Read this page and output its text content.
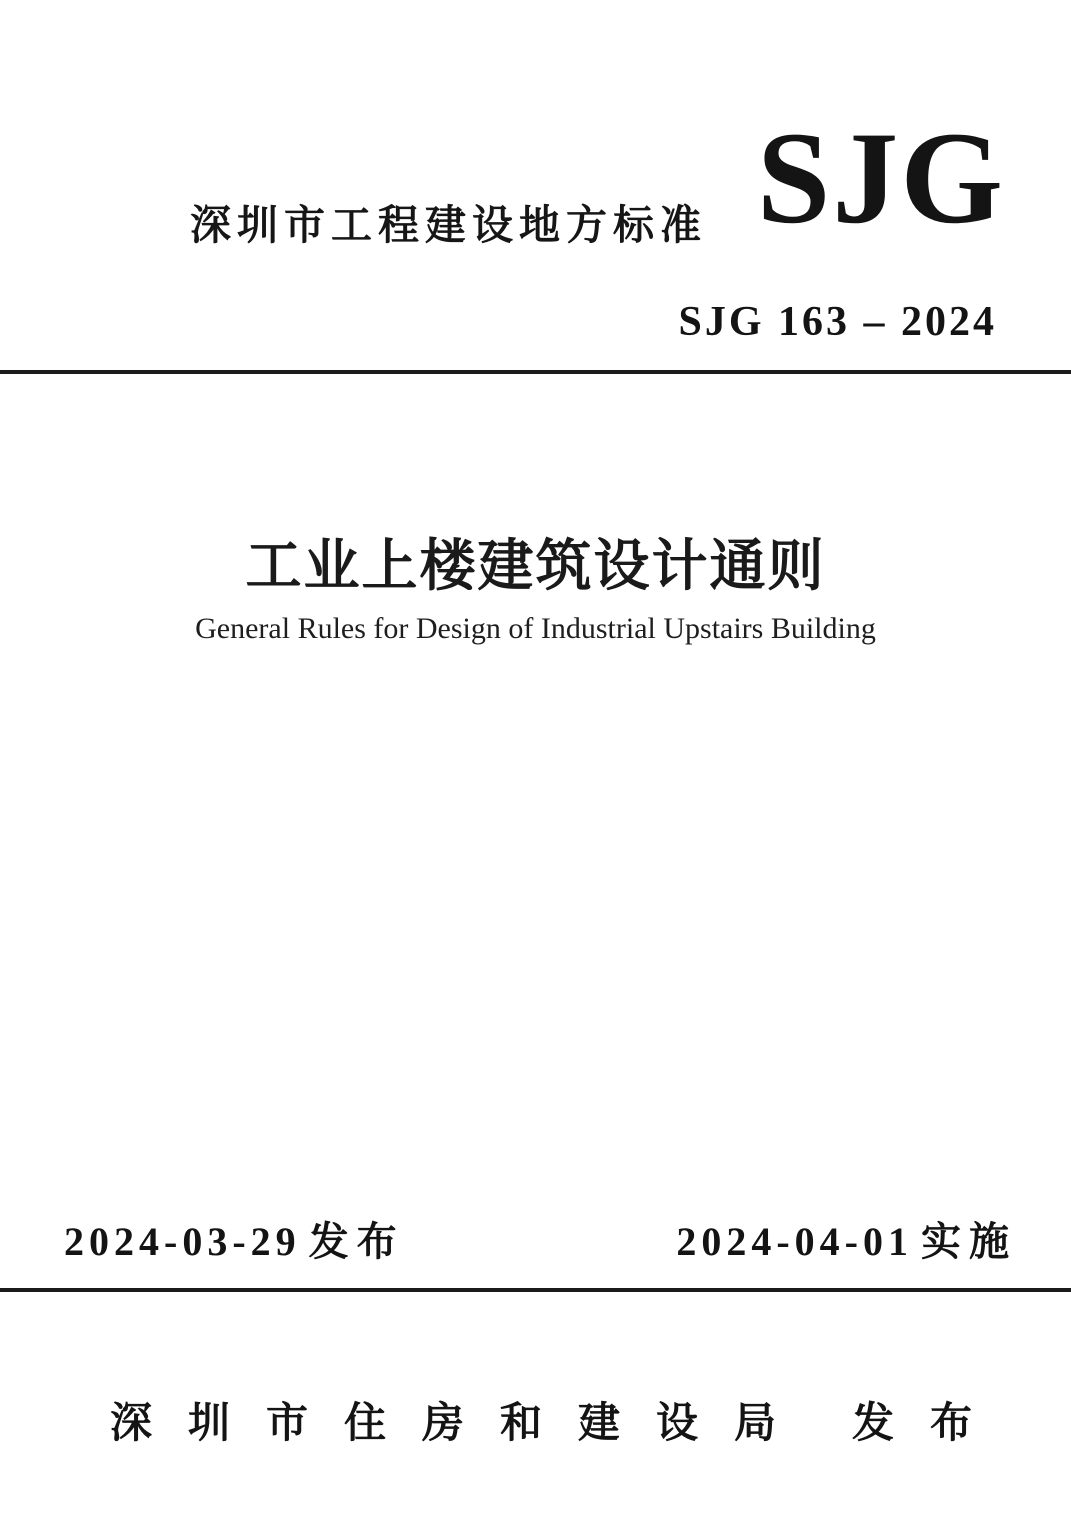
深圳市工程建设地方标准 SJG
SJG 163 – 2024
工业上楼建筑设计通则
General Rules for Design of Industrial Upstairs Building
2024-03-29 发布	2024-04-01 实施
深圳市住房和建设局 发布
